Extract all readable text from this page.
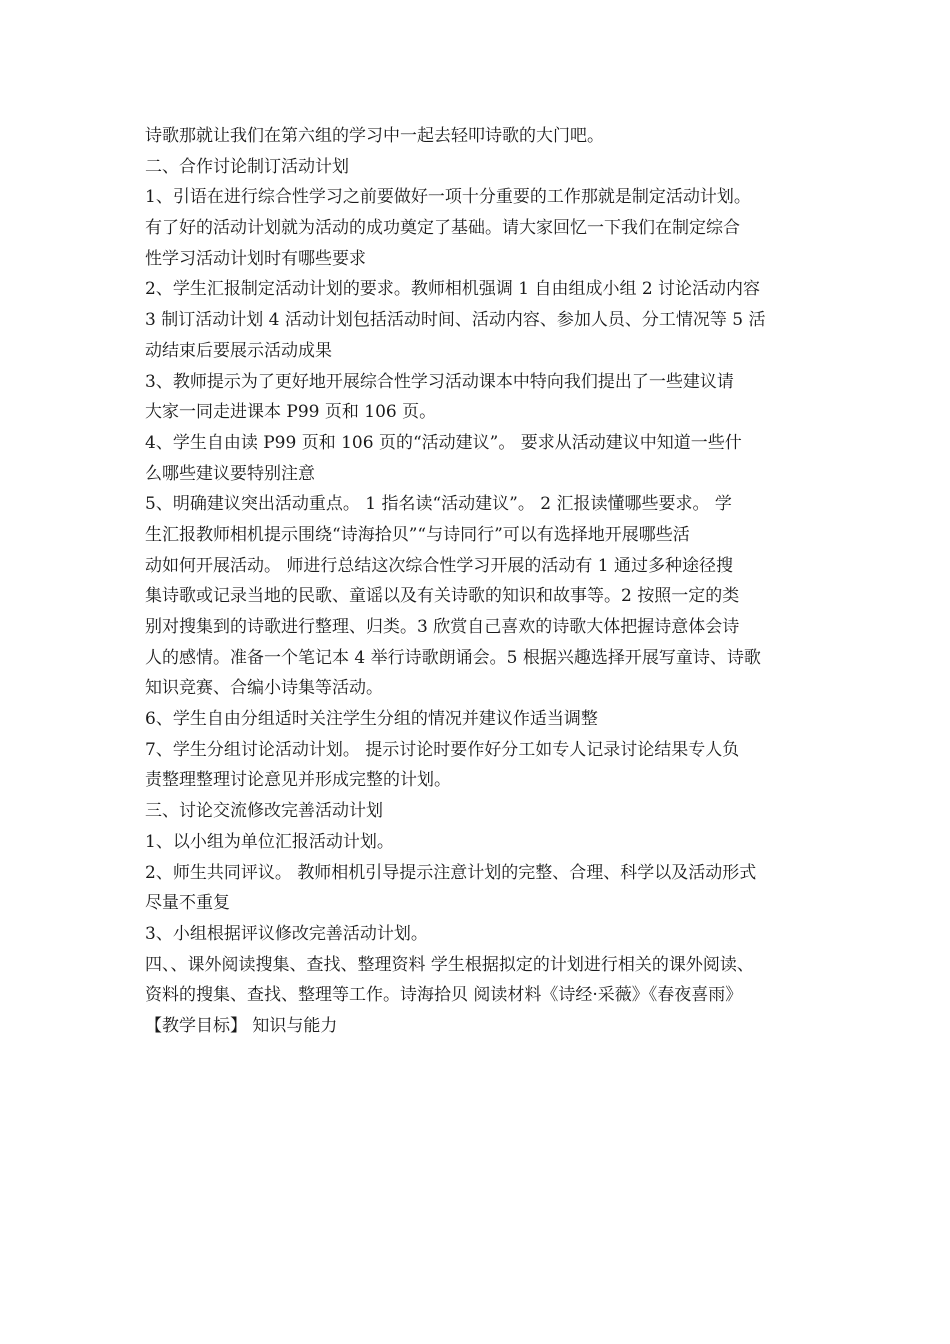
诗歌那就让我们在第六组的学习中一起去轻叩诗歌的大门吧。
二、合作讨论制订活动计划
1、引语在进行综合性学习之前要做好一项十分重要的工作那就是制定活动计划。
有了好的活动计划就为活动的成功奠定了基础。请大家回忆一下我们在制定综合
性学习活动计划时有哪些要求
2、学生汇报制定活动计划的要求。教师相机强调 1 自由组成小组 2 讨论活动内容
3 制订活动计划 4 活动计划包括活动时间、活动内容、参加人员、分工情况等 5 活
动结束后要展示活动成果
3、教师提示为了更好地开展综合性学习活动课本中特向我们提出了一些建议请
大家一同走进课本 P99 页和 106 页。
4、学生自由读 P99 页和 106 页的“活动建议”。 要求从活动建议中知道一些什
么哪些建议要特别注意
5、明确建议突出活动重点。 1 指名读“活动建议”。 2 汇报读懂哪些要求。 学
生汇报教师相机提示围绕“诗海拾贝”“与诗同行”可以有选择地开展哪些活
动如何开展活动。 师进行总结这次综合性学习开展的活动有 1 通过多种途径搜
集诗歌或记录当地的民歌、童谣以及有关诗歌的知识和故事等。2 按照一定的类
别对搜集到的诗歌进行整理、归类。3 欣赏自己喜欢的诗歌大体把握诗意体会诗
人的感情。准备一个笔记本 4 举行诗歌朗诵会。5 根据兴趣选择开展写童诗、诗歌
知识竞赛、合编小诗集等活动。
6、学生自由分组适时关注学生分组的情况并建议作适当调整
7、学生分组讨论活动计划。 提示讨论时要作好分工如专人记录讨论结果专人负
责整理整理讨论意见并形成完整的计划。
三、讨论交流修改完善活动计划
1、以小组为单位汇报活动计划。
2、师生共同评议。 教师相机引导提示注意计划的完整、合理、科学以及活动形式
尽量不重复
3、小组根据评议修改完善活动计划。
四、、课外阅读搜集、查找、整理资料 学生根据拟定的计划进行相关的课外阅读、
资料的搜集、查找、整理等工作。诗海拾贝 阅读材料《诗经·采薇》《春夜喜雨》
【教学目标】 知识与能力
